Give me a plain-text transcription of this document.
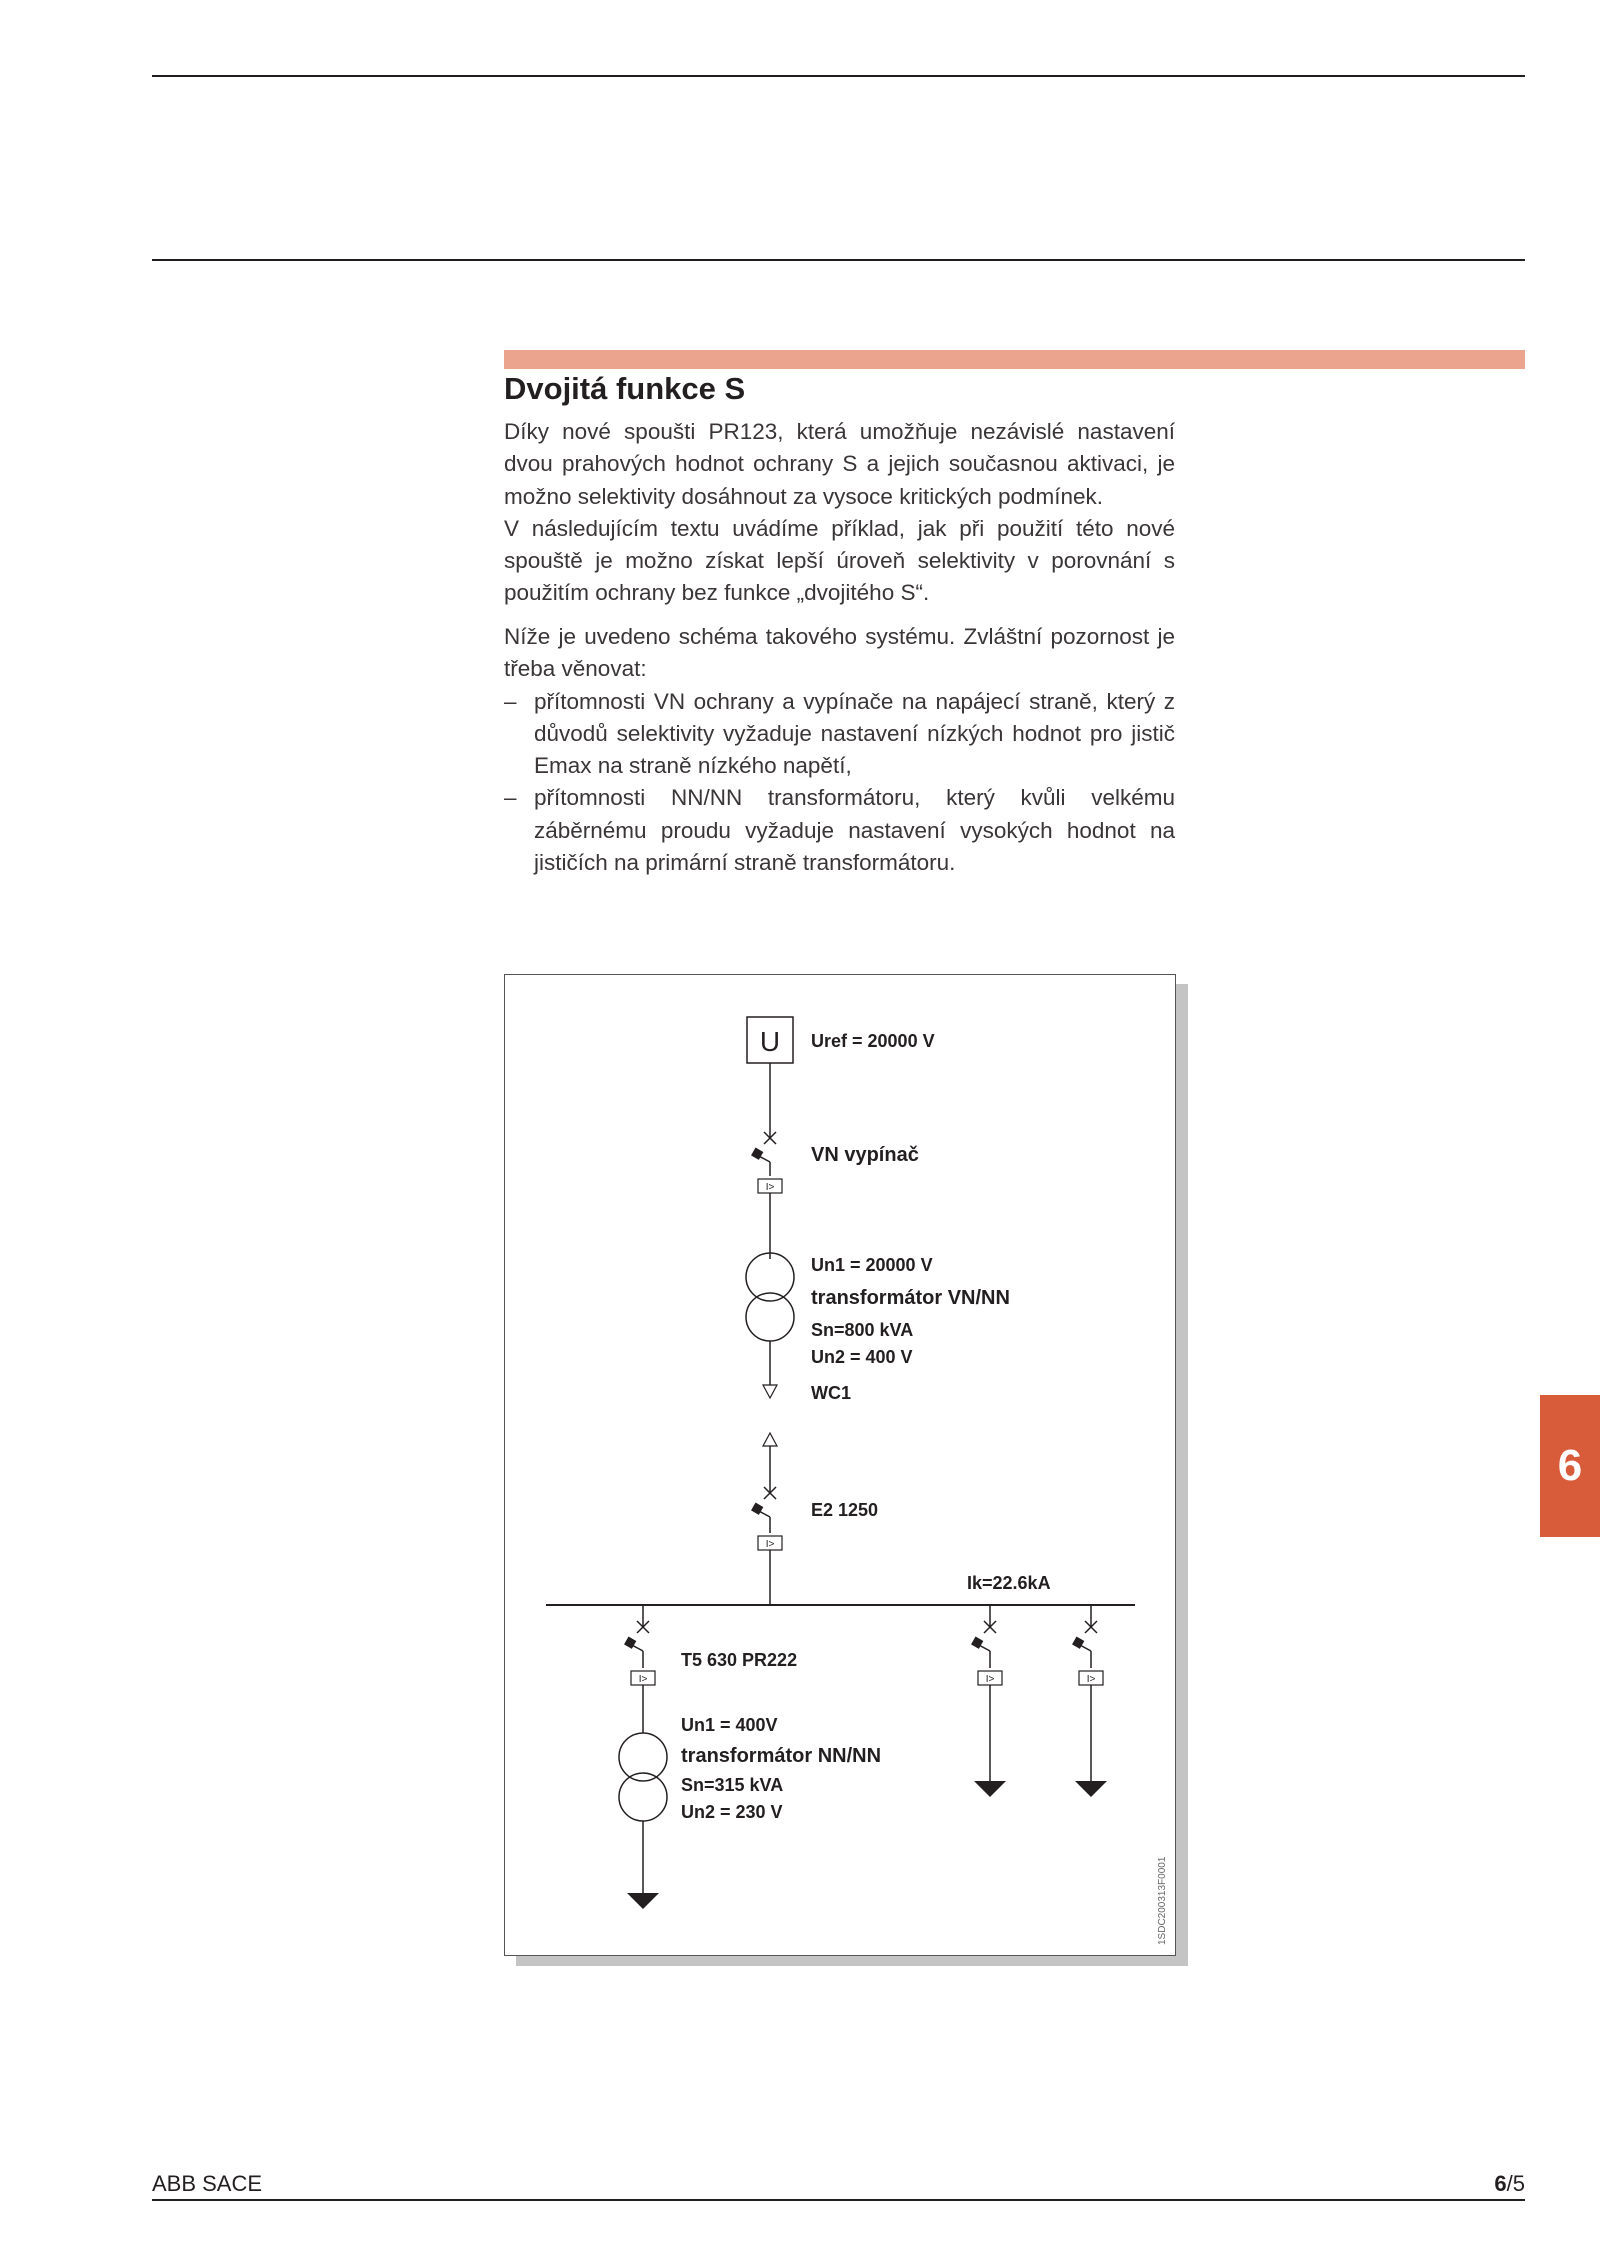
Dvojitá funkce S

Díky nové spoušti PR123, která umožňuje nezávislé nastavení dvou prahových hodnot ochrany S a jejich současnou aktivaci, je možno selektivity dosáhnout za vysoce kritických podmínek.

V následujícím textu uvádíme příklad, jak při použití této nové spouště je možno získat lepší úroveň selektivity v porovnání s použitím ochrany bez funkce „dvojitého S“.

Níže je uvedeno schéma takového systému. Zvláštní pozornost je třeba věnovat:

– přítomnosti VN ochrany a vypínače na napájecí straně, který z důvodů selektivity vyžaduje nastavení nízkých hodnot pro jistič Emax na straně nízkého napětí,
– přítomnosti NN/NN transformátoru, který kvůli velkému záběrnému proudu vyžaduje nastavení vysokých hodnot na jističích na primární straně transformátoru.
U Uref = 20000 V
I>
VN vypínač
Un1 = 20000 V
transformátor VN/NN
Sn=800 kVA
Un2 = 400 V
WC1
I>
E2 1250
Ik=22.6kA
I>
T5 630 PR222
Un1 = 400V
transformátor NN/NN
Sn=315 kVA
Un2 = 230 V
I>	I>
1SDC200313F0001
6
ABB SACE	6/5
